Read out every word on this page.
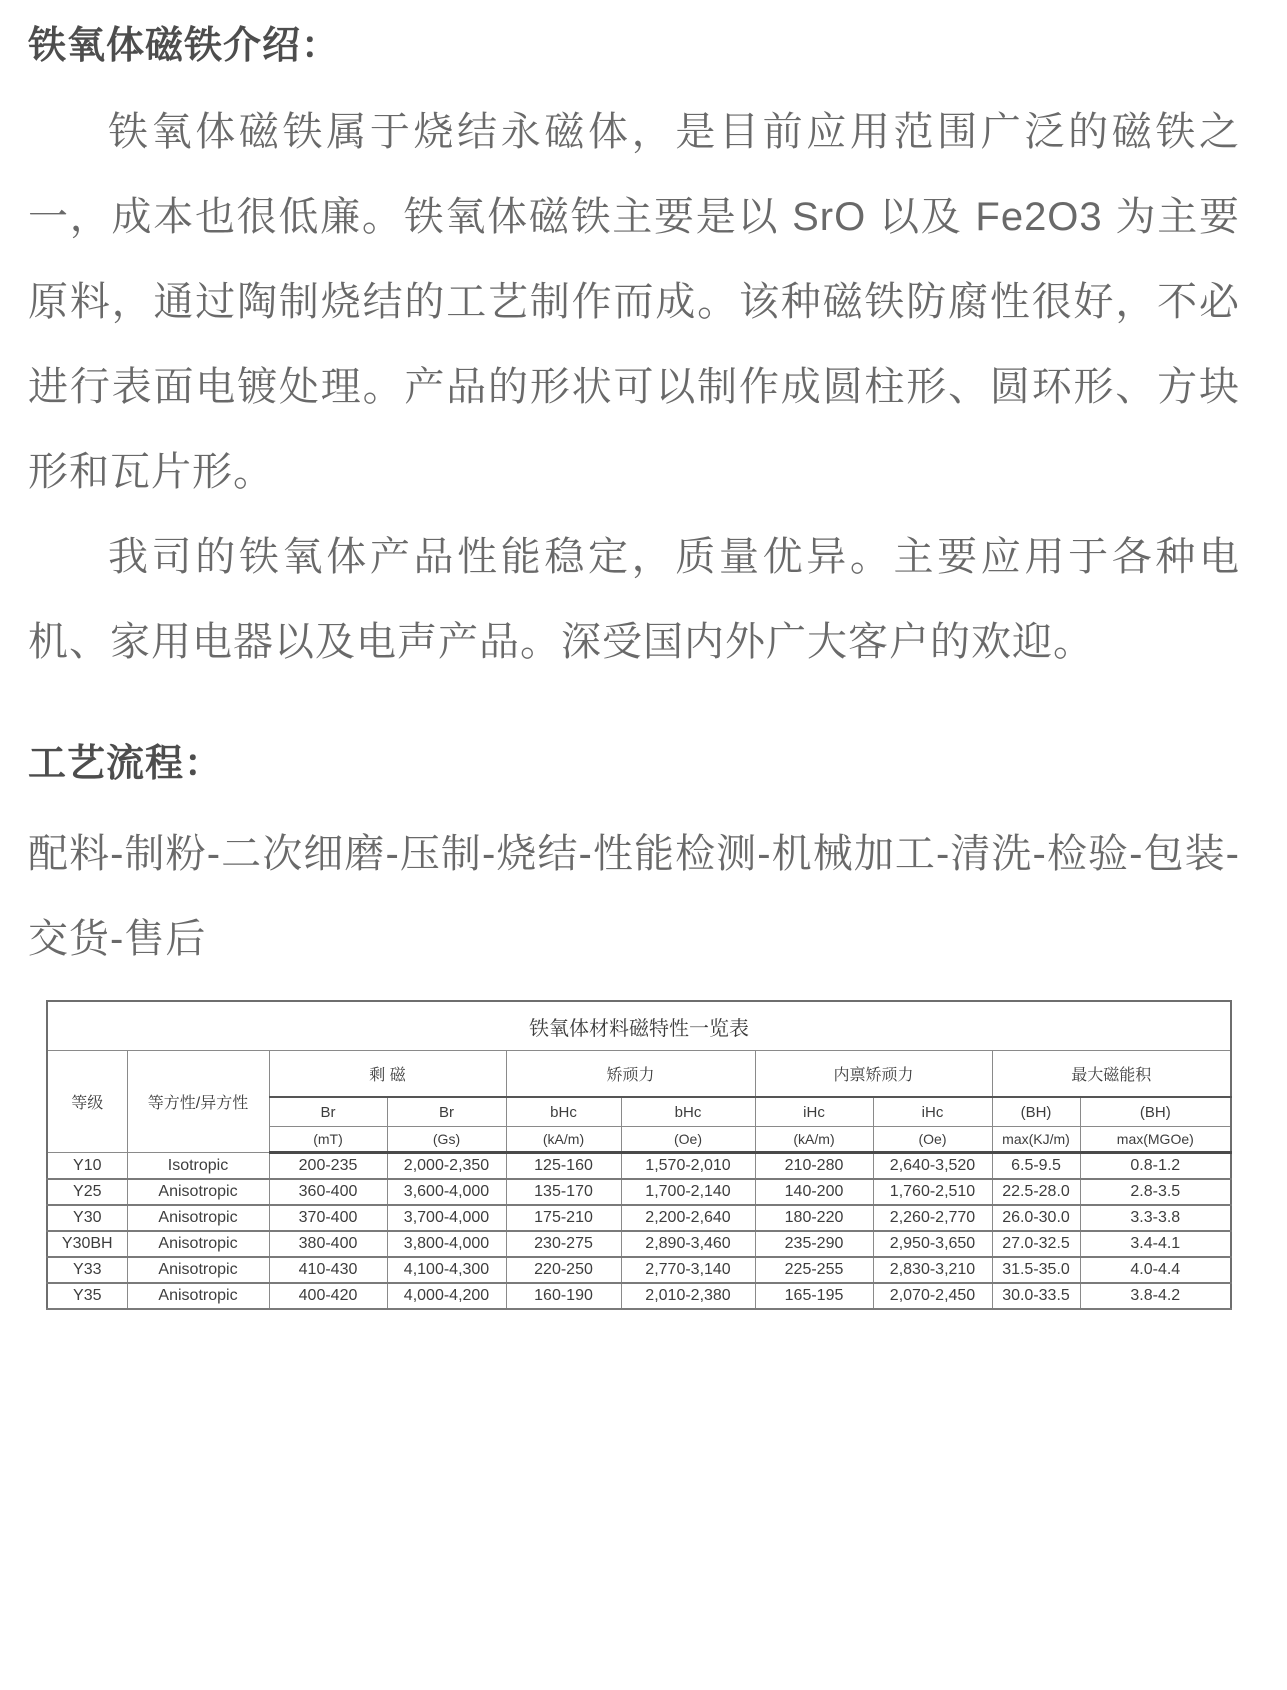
铁氧体磁铁介绍：

铁氧体磁铁属于烧结永磁体，是目前应用范围广泛的磁铁之一，成本也很低廉。铁氧体磁铁主要是以 SrO 以及 Fe2O3 为主要原料，通过陶制烧结的工艺制作而成。该种磁铁防腐性很好，不必进行表面电镀处理。产品的形状可以制作成圆柱形、圆环形、方块形和瓦片形。

我司的铁氧体产品性能稳定，质量优异。主要应用于各种电机、家用电器以及电声产品。深受国内外广大客户的欢迎。

工艺流程：

配料-制粉-二次细磨-压制-烧结-性能检测-机械加工-清洗-检验-包装-交货-售后

铁氧体材料磁特性一览表									
等级	等方性/异方性	剩 磁		矫顽力		内禀矫顽力		最大磁能积	
		Br	Br	bHc	bHc	iHc	iHc	(BH)	(BH)
		(mT)	(Gs)	(kA/m)	(Oe)	(kA/m)	(Oe)	max(KJ/m)	max(MGOe)
Y10	Isotropic	200-235	2,000-2,350	125-160	1,570-2,010	210-280	2,640-3,520	6.5-9.5	0.8-1.2
Y25	Anisotropic	360-400	3,600-4,000	135-170	1,700-2,140	140-200	1,760-2,510	22.5-28.0	2.8-3.5
Y30	Anisotropic	370-400	3,700-4,000	175-210	2,200-2,640	180-220	2,260-2,770	26.0-30.0	3.3-3.8
Y30BH	Anisotropic	380-400	3,800-4,000	230-275	2,890-3,460	235-290	2,950-3,650	27.0-32.5	3.4-4.1
Y33	Anisotropic	410-430	4,100-4,300	220-250	2,770-3,140	225-255	2,830-3,210	31.5-35.0	4.0-4.4
Y35	Anisotropic	400-420	4,000-4,200	160-190	2,010-2,380	165-195	2,070-2,450	30.0-33.5	3.8-4.2
